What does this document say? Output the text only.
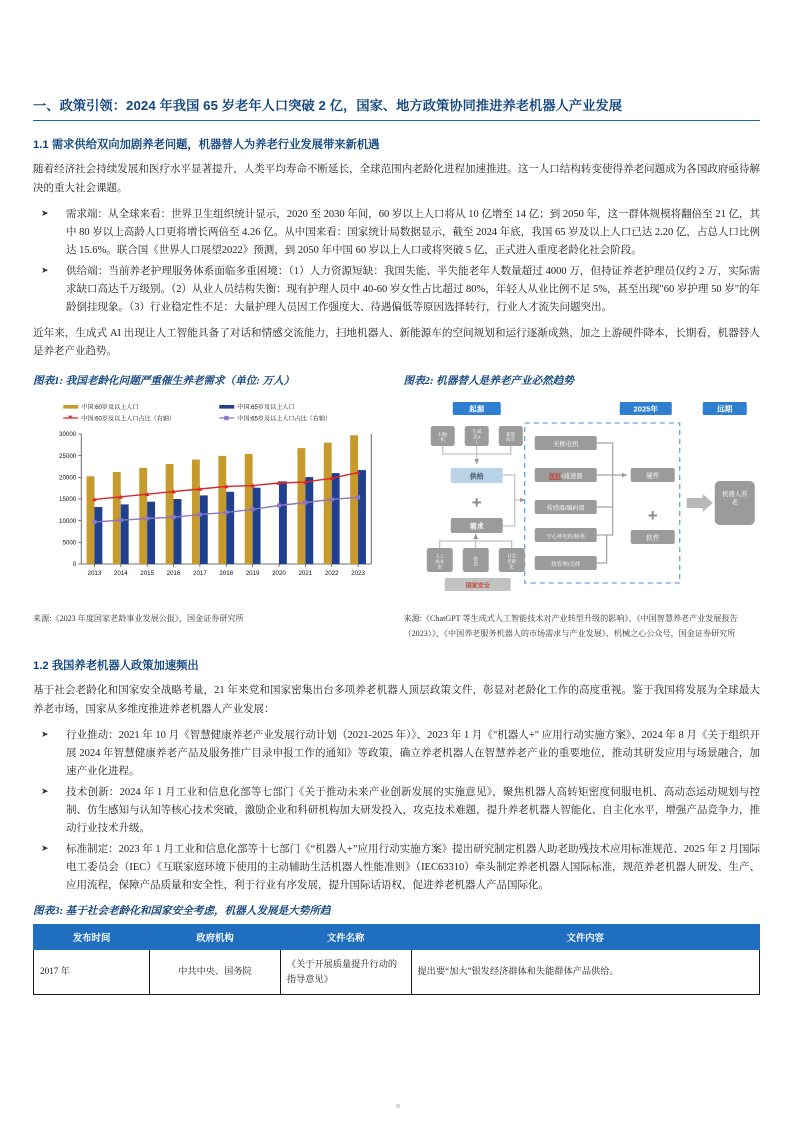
一、政策引领：2024 年我国 65 岁老年人口突破 2 亿，国家、地方政策协同推进养老机器人产业发展
1.1 需求供给双向加剧养老问题，机器替人为养老行业发展带来新机遇

随着经济社会持续发展和医疗水平显著提升，人类平均寿命不断延长，全球范围内老龄化进程加速推进。这一人口结构转变使得养老问题成为各国政府亟待解决的重大社会课题。

➤ 需求端：从全球来看：世界卫生组织统计显示，2020 至 2030 年间，60 岁以上人口将从 10 亿增至 14 亿；到 2050 年，这一群体规模将翻倍至 21 亿，其中 80 岁以上高龄人口更将增长两倍至 4.26 亿。从中国来看：国家统计局数据显示，截至 2024 年底，我国 65 岁及以上人口已达 2.20 亿，占总人口比例达 15.6%。联合国《世界人口展望2022》预测，到 2050 年中国 60 岁以上人口或将突破 5 亿，正式进入重度老龄化社会阶段。
➤ 供给端：当前养老护理服务体系面临多重困境：（1）人力资源短缺：我国失能、半失能老年人数量超过 4000 万，但持证养老护理员仅约 2 万，实际需求缺口高达千万级别。（2）从业人员结构失衡：现有护理人员中 40-60 岁女性占比超过 80%，年轻人从业比例不足 5%，甚至出现"60 岁护理 50 岁"的年龄倒挂现象。（3）行业稳定性不足：大量护理人员因工作强度大、待遇偏低等原因选择转行，行业人才流失问题突出。

近年来，生成式 AI 出现让人工智能具备了对话和情感交流能力，扫地机器人、新能源车的空间规划和运行逐渐成熟，加之上游硬件降本，长期看，机器替人是养老产业趋势。

图表1: 我国老龄化问题严重催生养老需求（单位: 万人）
中国:60岁及以上人口
中国:60岁及以上人口占比（右轴）
中国:65岁及以上人口
中国:65岁及以上人口占比（右轴）
0
5000
10000
15000
20000
25000
30000
2013 2014 2015 2016 2017 2018 2019 2020 2021 2022 2023
来源:《2023 年度国家老龄事业发展公报》，国金证券研究所
图表2: 机器替人是养老产业必然趋势
起源	2025年	远期
扫地机
生成式A I
新能源车
供给
+
需求
人工成本贵
惰性
社会老龄化
国家安全
无框电机
丝杠/减速器
传感器/编码器
空心杯电机/轴承
热管理/壳体
硬件
+
软件
机器人养老
来源:《ChatGPT 等生成式人工智能技术对产业转型升级的影响》、《中国智慧养老产业发展报告（2023）》、《中国养老服务机器人的市场需求与产业发展》、机械之心公众号，国金证券研究所
1.2 我国养老机器人政策加速频出

基于社会老龄化和国家安全战略考量，21 年来党和国家密集出台多项养老机器人顶层政策文件，彰显对老龄化工作的高度重视。鉴于我国将发展为全球最大养老市场，国家从多维度推进养老机器人产业发展：

➤ 行业推动：2021 年 10 月《智慧健康养老产业发展行动计划（2021-2025 年）》、2023 年 1 月《"机器人+" 应用行动实施方案》、2024 年 8 月《关于组织开展 2024 年智慧健康养老产品及服务推广目录申报工作的通知》等政策，确立养老机器人在智慧养老产业的重要地位，推动其研发应用与场景融合，加速产业化进程。
➤ 技术创新：2024 年 1 月工业和信息化部等七部门《关于推动未来产业创新发展的实施意见》，聚焦机器人高转矩密度伺服电机、高动态运动规划与控制、仿生感知与认知等核心技术突破，激励企业和科研机构加大研发投入，攻克技术难题，提升养老机器人智能化、自主化水平，增强产品竞争力，推动行业技术升级。
➤ 标准制定：2023 年 1 月工业和信息化部等十七部门《“机器人+”应用行动实施方案》提出研究制定机器人助老助残技术应用标准规范、2025 年 2 月国际电工委员会（IEC）《互联家庭环境下使用的主动辅助生活机器人性能准则》（IEC63310）牵头制定养老机器人国际标准，规范养老机器人研发、生产、应用流程，保障产品质量和安全性，利于行业有序发展，提升国际话语权，促进养老机器人产品国际化。
图表3: 基于社会老龄化和国家安全考虑，机器人发展是大势所趋
发布时间	政府机构	文件名称	文件内容
2017 年	中共中央、国务院	《关于开展质量提升行动的指导意见》	提出要“加大”银发经济群体和失能群体产品供给。
